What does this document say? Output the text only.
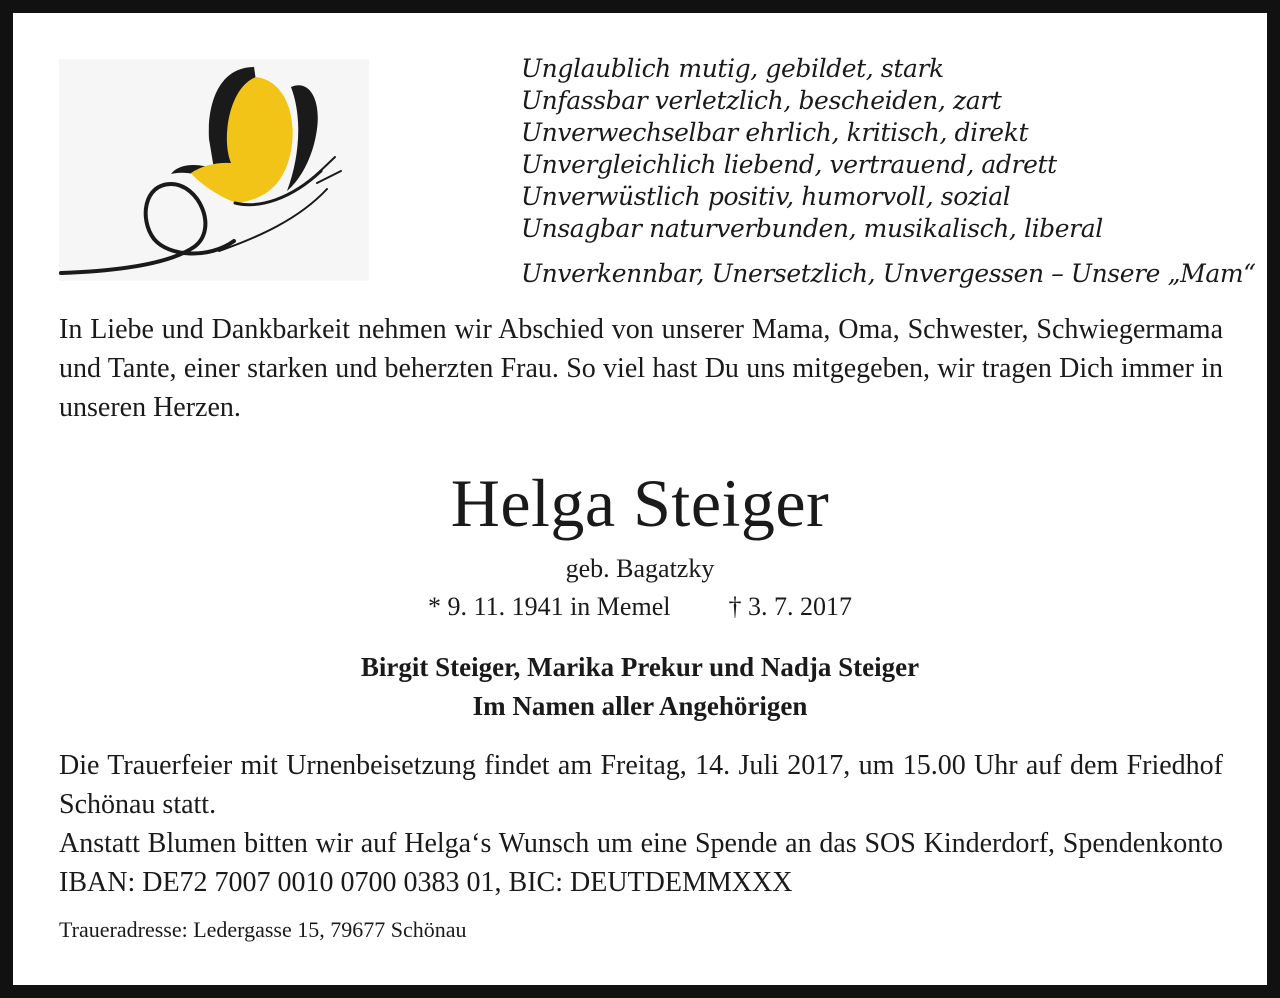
Unglaublich mutig, gebildet, stark
Unfassbar verletzlich, bescheiden, zart
Unverwechselbar ehrlich, kritisch, direkt
Unvergleichlich liebend, vertrauend, adrett
Unverwüstlich positiv, humorvoll, sozial
Unsagbar naturverbunden, musikalisch, liberal
Unverkennbar, Unersetzlich, Unvergessen – Unsere „Mam“
In Liebe und Dankbarkeit nehmen wir Abschied von unserer Mama, Oma, Schwester, Schwiegermama und Tante, einer starken und beherzten Frau. So viel hast Du uns mitgegeben, wir tragen Dich immer in unseren Herzen.
Helga Steiger
geb. Bagatzky
* 9. 11. 1941 in Memel † 3. 7. 2017
Birgit Steiger, Marika Prekur und Nadja Steiger
Im Namen aller Angehörigen

Die Trauerfeier mit Urnenbeisetzung findet am Freitag, 14. Juli 2017, um 15.00 Uhr auf dem Friedhof Schönau statt.

Anstatt Blumen bitten wir auf Helga‘s Wunsch um eine Spende an das SOS Kinderdorf, Spendenkonto IBAN: DE72 7007 0010 0700 0383 01, BIC: DEUTDEMMXXX

Traueradresse: Ledergasse 15, 79677 Schönau
